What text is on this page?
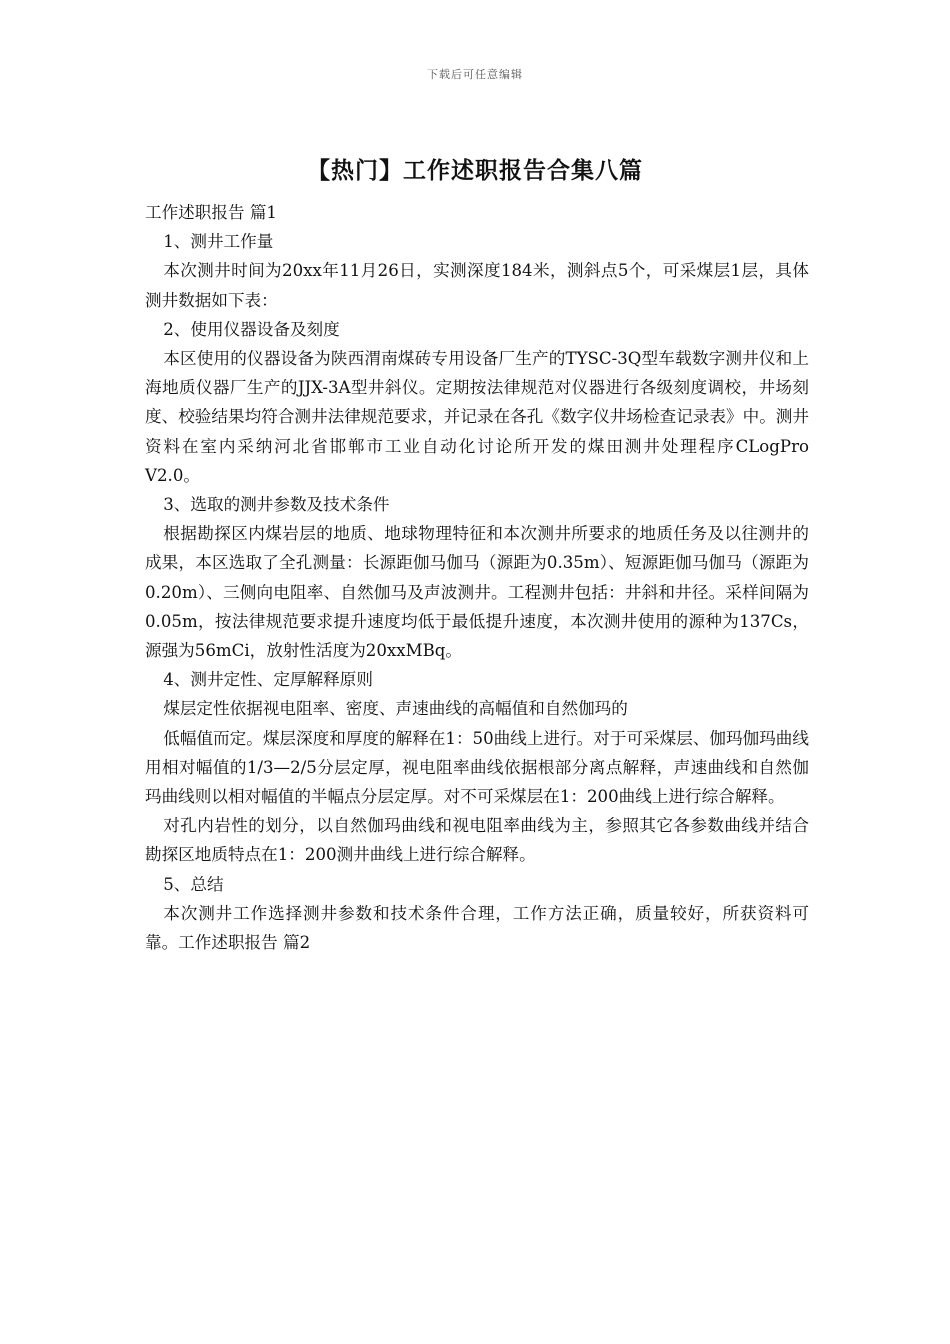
下载后可任意编辑
【热门】工作述职报告合集八篇
工作述职报告 篇1
1、测井工作量

本次测井时间为20xx年11月26日，实测深度184米，测斜点5个，可采煤层1层，具体测井数据如下表：

2、使用仪器设备及刻度

本区使用的仪器设备为陕西渭南煤砖专用设备厂生产的TYSC-3Q型车载数字测井仪和上海地质仪器厂生产的JJX-3A型井斜仪。定期按法律规范对仪器进行各级刻度调校，井场刻度、校验结果均符合测井法律规范要求，并记录在各孔《数字仪井场检查记录表》中。测井资料在室内采纳河北省邯郸市工业自动化讨论所开发的煤田测井处理程序CLogPro V2.0。

3、选取的测井参数及技术条件

根据勘探区内煤岩层的地质、地球物理特征和本次测井所要求的地质任务及以往测井的成果，本区选取了全孔测量：长源距伽马伽马（源距为0.35m）、短源距伽马伽马（源距为0.20m）、三侧向电阻率、自然伽马及声波测井。工程测井包括：井斜和井径。采样间隔为0.05m，按法律规范要求提升速度均低于最低提升速度，本次测井使用的源种为137Cs，源强为56mCi，放射性活度为20xxMBq。

4、测井定性、定厚解释原则

煤层定性依据视电阻率、密度、声速曲线的高幅值和自然伽玛的

低幅值而定。煤层深度和厚度的解释在1：50曲线上进行。对于可采煤层、伽玛伽玛曲线用相对幅值的1/3—2/5分层定厚，视电阻率曲线依据根部分离点解释，声速曲线和自然伽玛曲线则以相对幅值的半幅点分层定厚。对不可采煤层在1：200曲线上进行综合解释。

对孔内岩性的划分，以自然伽玛曲线和视电阻率曲线为主，参照其它各参数曲线并结合勘探区地质特点在1：200测井曲线上进行综合解释。

5、总结

本次测井工作选择测井参数和技术条件合理，工作方法正确，质量较好，所获资料可靠。工作述职报告 篇2
